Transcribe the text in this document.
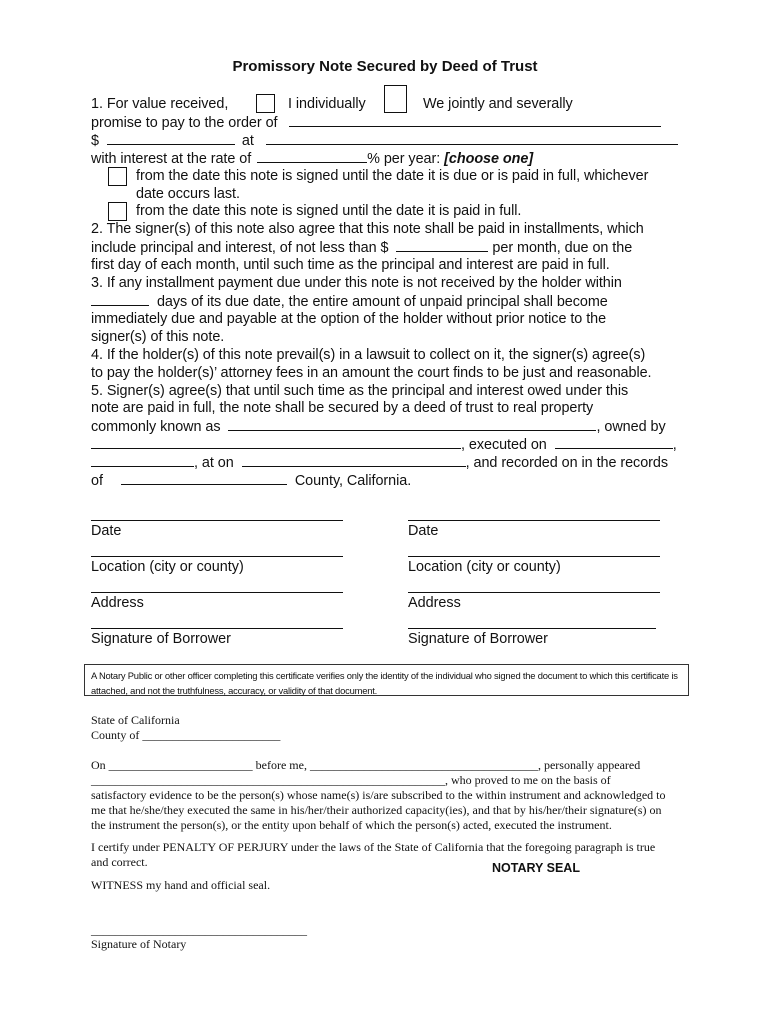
Promissory Note Secured by Deed of Trust
1. For value received,	I individually	We jointly and severally
promise to pay to the order of
$	at
with interest at the rate of	% per year: [choose one]
from the date this note is signed until the date it is due or is paid in full, whichever
date occurs last.
from the date this note is signed until the date it is paid in full.
2. The signer(s) of this note also agree that this note shall be paid in installments, which
include principal and interest, of not less than $	per month, due on the
first day of each month, until such time as the principal and interest are paid in full.
3. If any installment payment due under this note is not received by the holder within
days of its due date, the entire amount of unpaid principal shall become
immediately due and payable at the option of the holder without prior notice to the
signer(s) of this note.
4. If the holder(s) of this note prevail(s) in a lawsuit to collect on it, the signer(s) agree(s)
to pay the holder(s)’ attorney fees in an amount the court finds to be just and reasonable.
5. Signer(s) agree(s) that until such time as the principal and interest owed under this
note are paid in full, the note shall be secured by a deed of trust to real property
commonly known as	, owned by
, executed on	,
, at on	, and recorded on in the records
of	County, California.
Date
Location (city or county)
Address
Signature of Borrower
Date
Location (city or county)
Address
Signature of Borrower
A Notary Public or other officer completing this certificate verifies only the identity of the individual who signed the document to which this certificate is attached, and not the truthfulness, accuracy, or validity of that document.
State of California
County of _______________________
On ________________________ before me, ______________________________________, personally appeared
___________________________________________________________, who proved to me on the basis of
satisfactory evidence to be the person(s) whose name(s) is/are subscribed to the within instrument and acknowledged to
me that he/she/they executed the same in his/her/their authorized capacity(ies), and that by his/her/their signature(s) on
the instrument the person(s), or the entity upon behalf of which the person(s) acted, executed the instrument.
I certify under PENALTY OF PERJURY under the laws of the State of California that the foregoing paragraph is true
and correct.	NOTARY SEAL
WITNESS my hand and official seal.
____________________________________
Signature of Notary
